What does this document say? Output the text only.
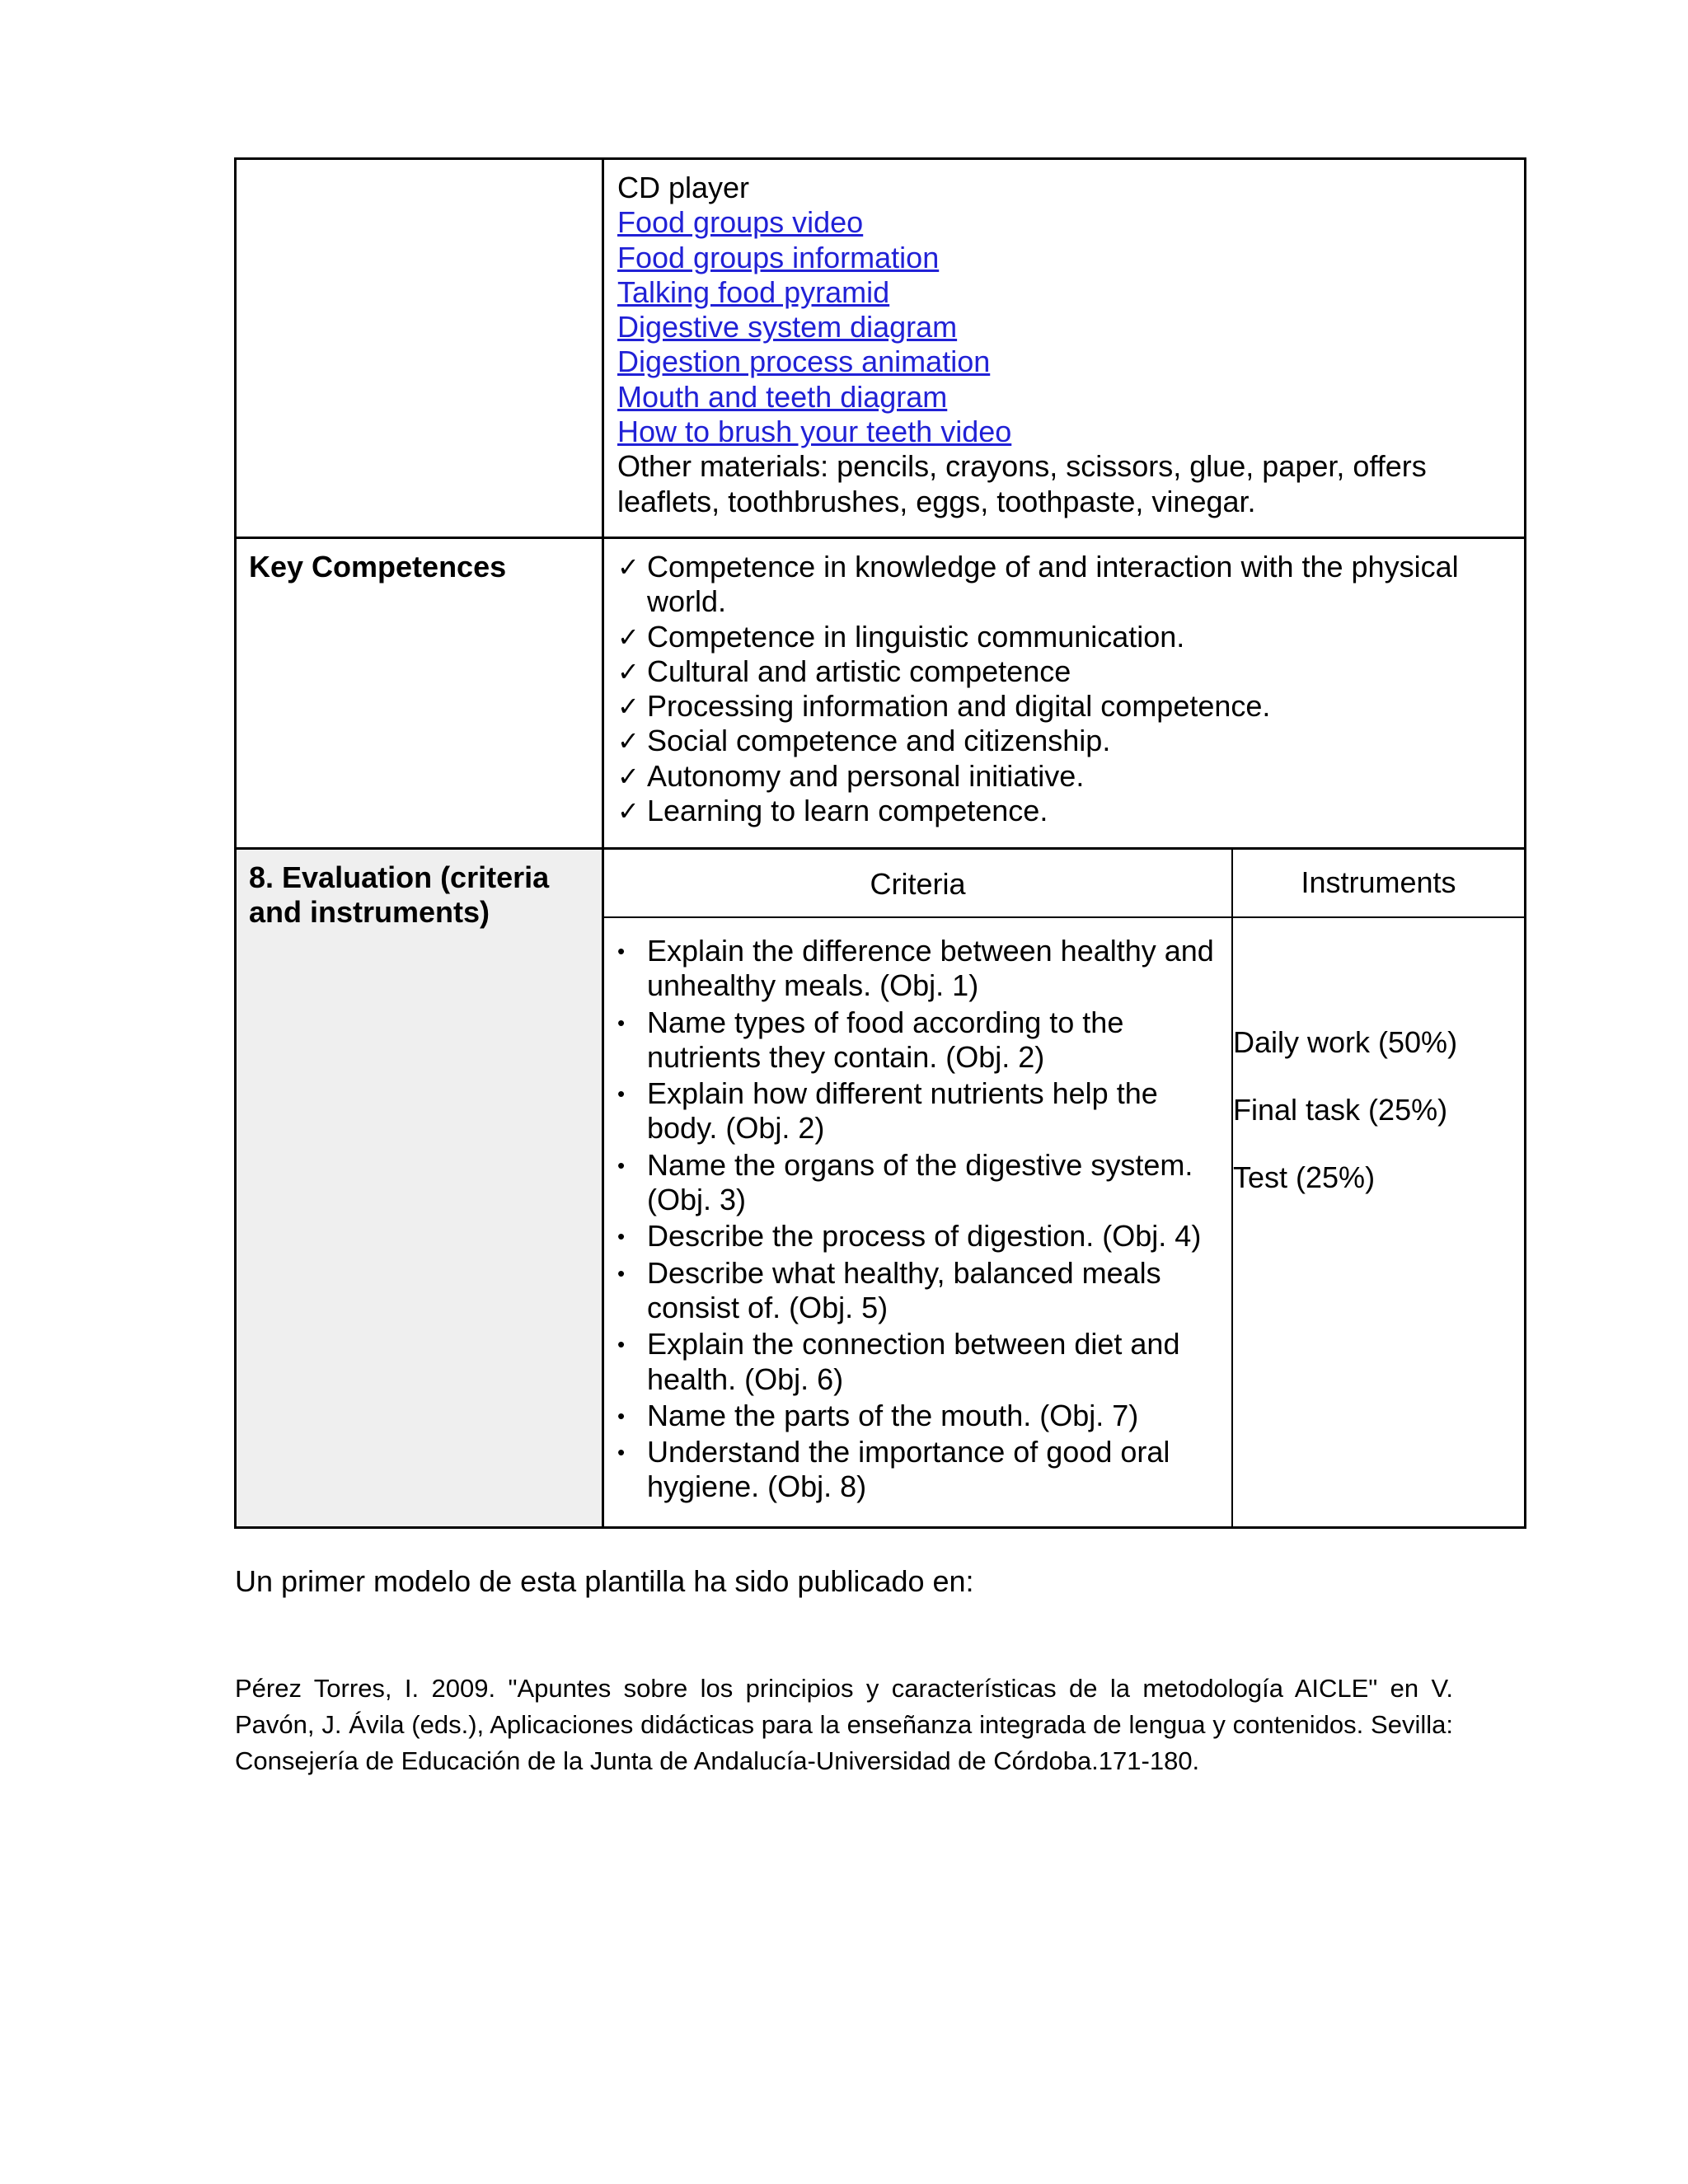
CD player
Food groups video
Food groups information
Talking food pyramid
Digestive system diagram
Digestion process animation
Mouth and teeth diagram
How to brush your teeth video
Other materials: pencils, crayons, scissors, glue, paper, offers
leaflets, toothbrushes, eggs, toothpaste, vinegar.
Key Competences	✓ Competence in knowledge of and interaction with the physical world.
✓ Competence in linguistic communication.
✓ Cultural and artistic competence
✓ Processing information and digital competence.
✓ Social competence and citizenship.
✓ Autonomy and personal initiative.
✓ Learning to learn competence.
8. Evaluation (criteria and instruments)
Criteria	Instruments
• Explain the difference between healthy and unhealthy meals. (Obj. 1)
• Name types of food according to the nutrients they contain. (Obj. 2)
• Explain how different nutrients help the body. (Obj. 2)
• Name the organs of the digestive system. (Obj. 3)
• Describe the process of digestion. (Obj. 4)
• Describe what healthy, balanced meals consist of. (Obj. 5)
• Explain the connection between diet and health. (Obj. 6)
• Name the parts of the mouth. (Obj. 7)
• Understand the importance of good oral hygiene. (Obj. 8)
Daily work (50%)
Final task (25%)
Test (25%)
Un primer modelo de esta plantilla ha sido publicado en:
Pérez Torres, I. 2009. "Apuntes sobre los principios y características de la metodología AICLE" en V. Pavón, J. Ávila (eds.), Aplicaciones didácticas para la enseñanza integrada de lengua y contenidos. Sevilla: Consejería de Educación de la Junta de Andalucía-Universidad de Córdoba.171-180.
